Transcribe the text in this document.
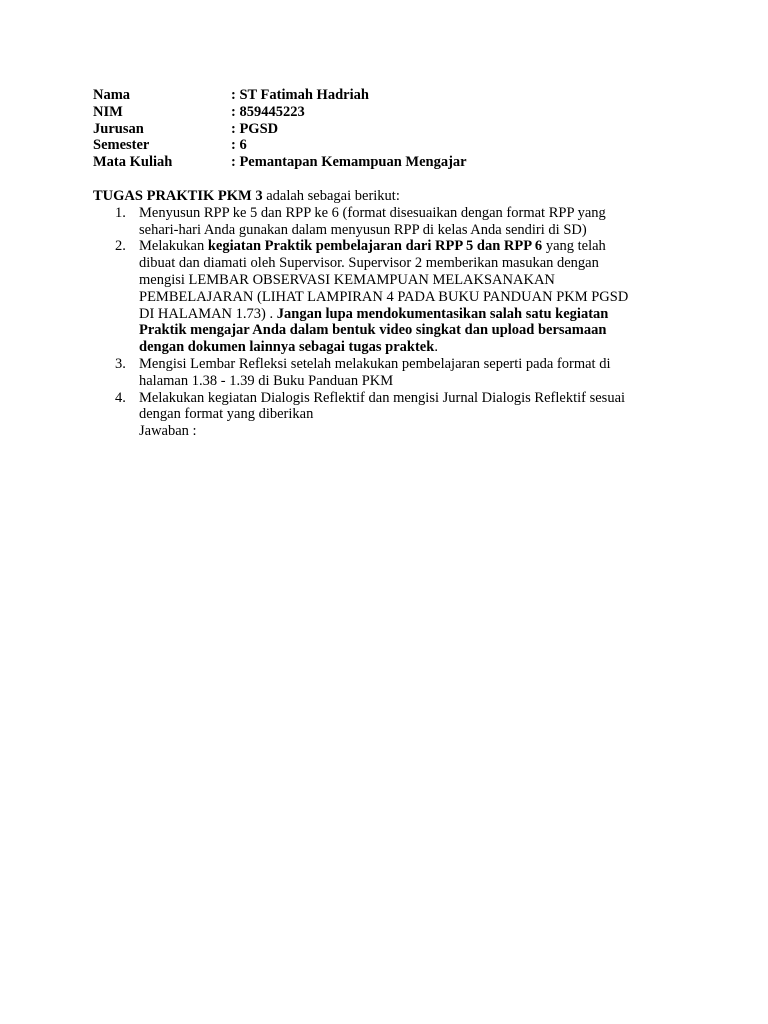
Nama	: ST Fatimah Hadriah
NIM	: 859445223
Jurusan	: PGSD
Semester	: 6
Mata Kuliah	: Pemantapan Kemampuan Mengajar
TUGAS PRAKTIK PKM 3 adalah sebagai berikut:
1. Menyusun RPP ke 5 dan RPP ke 6 (format disesuaikan dengan format RPP yang
sehari-hari Anda gunakan dalam menyusun RPP di kelas Anda sendiri di SD)
2. Melakukan kegiatan Praktik pembelajaran dari RPP 5 dan RPP 6 yang telah
dibuat dan diamati oleh Supervisor. Supervisor 2 memberikan masukan dengan
mengisi LEMBAR OBSERVASI KEMAMPUAN MELAKSANAKAN
PEMBELAJARAN (LIHAT LAMPIRAN 4 PADA BUKU PANDUAN PKM PGSD
DI HALAMAN 1.73) . Jangan lupa mendokumentasikan salah satu kegiatan
Praktik mengajar Anda dalam bentuk video singkat dan upload bersamaan
dengan dokumen lainnya sebagai tugas praktek.
3. Mengisi Lembar Refleksi setelah melakukan pembelajaran seperti pada format di
halaman 1.38 - 1.39 di Buku Panduan PKM
4. Melakukan kegiatan Dialogis Reflektif dan mengisi Jurnal Dialogis Reflektif sesuai
dengan format yang diberikan
Jawaban :
